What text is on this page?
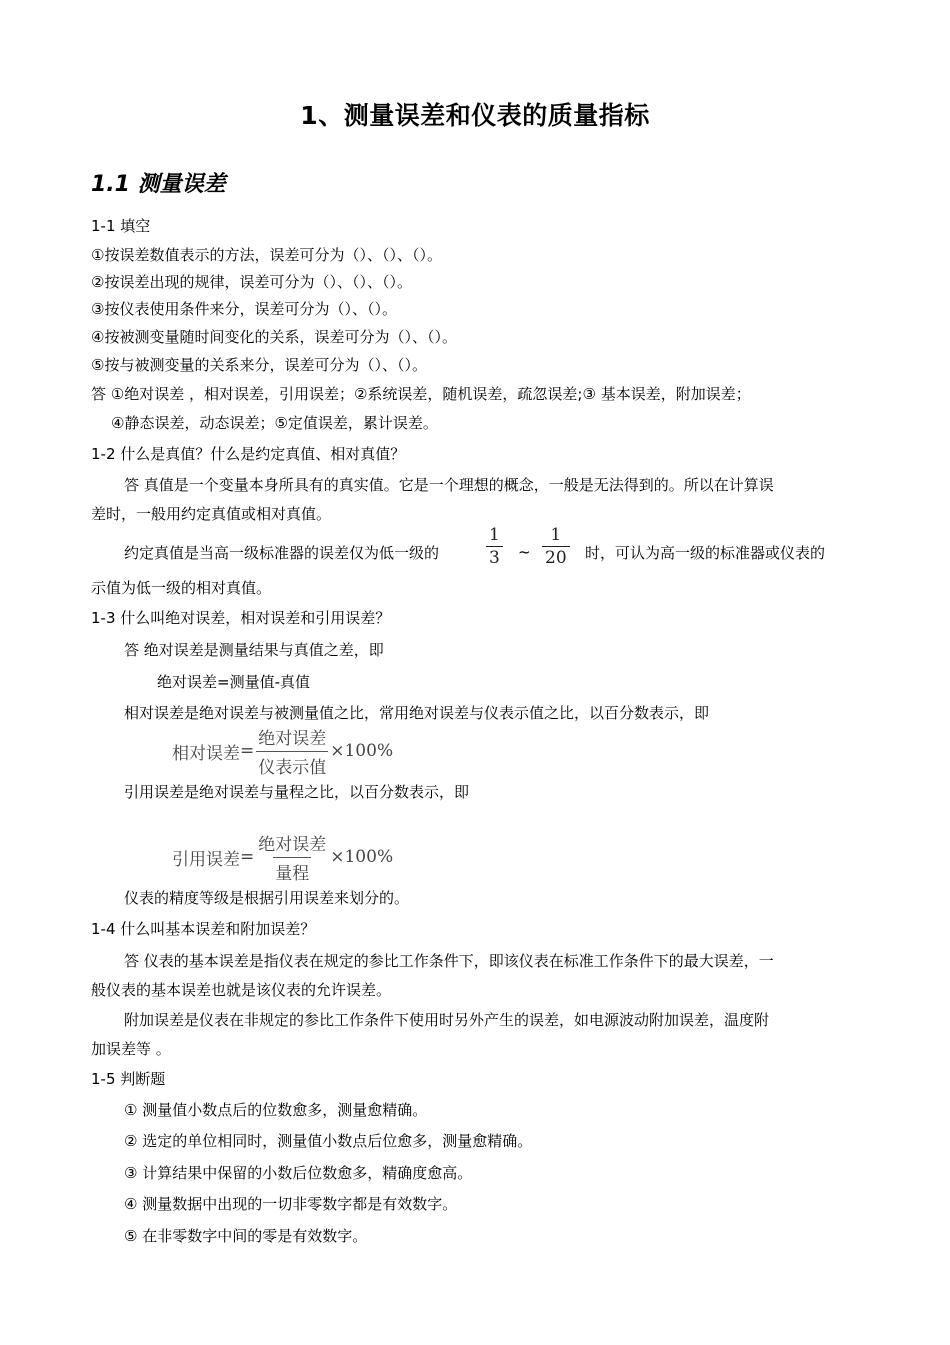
1、测量误差和仪表的质量指标
1.1 测量误差
1-1 填空
①按误差数值表示的方法，误差可分为（）、（）、（）。
②按误差出现的规律，误差可分为（）、（）、（）。
③按仪表使用条件来分，误差可分为（）、（）。
④按被测变量随时间变化的关系，误差可分为（）、（）。
⑤按与被测变量的关系来分，误差可分为（）、（）。
答 ①绝对误差 ，相对误差，引用误差；②系统误差，随机误差，疏忽误差;③ 基本误差，附加误差；
④静态误差，动态误差；⑤定值误差，累计误差。
1-2 什么是真值？什么是约定真值、相对真值？
答 真值是一个变量本身所具有的真实值。它是一个理想的概念，一般是无法得到的。所以在计算误
差时，一般用约定真值或相对真值。
约定真值是当高一级标准器的误差仅为低一级的	$\frac{1}{3}$ ~ $\frac{1}{20}$ 时，可认为高一级的标准器或仪表的
示值为低一级的相对真值。
1-3 什么叫绝对误差，相对误差和引用误差？
答 绝对误差是测量结果与真值之差，即
绝对误差=测量值-真值
相对误差是绝对误差与被测量值之比，常用绝对误差与仪表示值之比，以百分数表示，即
相对误差 = $\frac{\text{绝对误差}}{\text{仪表示值}} \times 100\%$
引用误差是绝对误差与量程之比，以百分数表示，即
引用误差 = $\frac{\text{绝对误差}}{\text{量程}} \times 100\%$
仪表的精度等级是根据引用误差来划分的。
1-4 什么叫基本误差和附加误差？
答 仪表的基本误差是指仪表在规定的参比工作条件下，即该仪表在标准工作条件下的最大误差，一
般仪表的基本误差也就是该仪表的允许误差。
附加误差是仪表在非规定的参比工作条件下使用时另外产生的误差，如电源波动附加误差，温度附
加误差等 。
1-5 判断题
① 测量值小数点后的位数愈多，测量愈精确。
② 选定的单位相同时，测量值小数点后位愈多，测量愈精确。
③ 计算结果中保留的小数后位数愈多，精确度愈高。
④ 测量数据中出现的一切非零数字都是有效数字。
⑤ 在非零数字中间的零是有效数字。
